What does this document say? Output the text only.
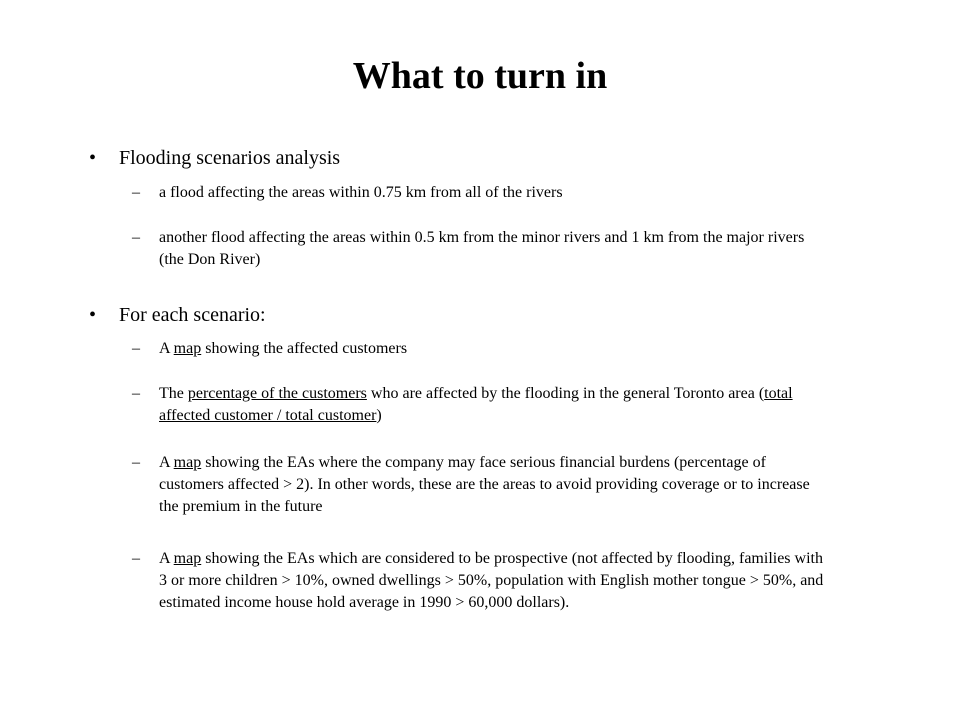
What to turn in
• Flooding scenarios analysis
– a flood affecting the areas within 0.75 km from all of the rivers
– another flood affecting the areas within 0.5 km from the minor rivers and 1 km from the major rivers (the Don River)
• For each scenario:
– A map showing the affected customers
– The percentage of the customers who are affected by the flooding in the general Toronto area (total affected customer / total customer)
– A map showing the EAs where the company may face serious financial burdens (percentage of customers affected > 2). In other words, these are the areas to avoid providing coverage or to increase the premium in the future
– A map showing the EAs which are considered to be prospective (not affected by flooding, families with 3 or more children > 10%, owned dwellings > 50%, population with English mother tongue > 50%, and estimated income house hold average in 1990 > 60,000 dollars).
